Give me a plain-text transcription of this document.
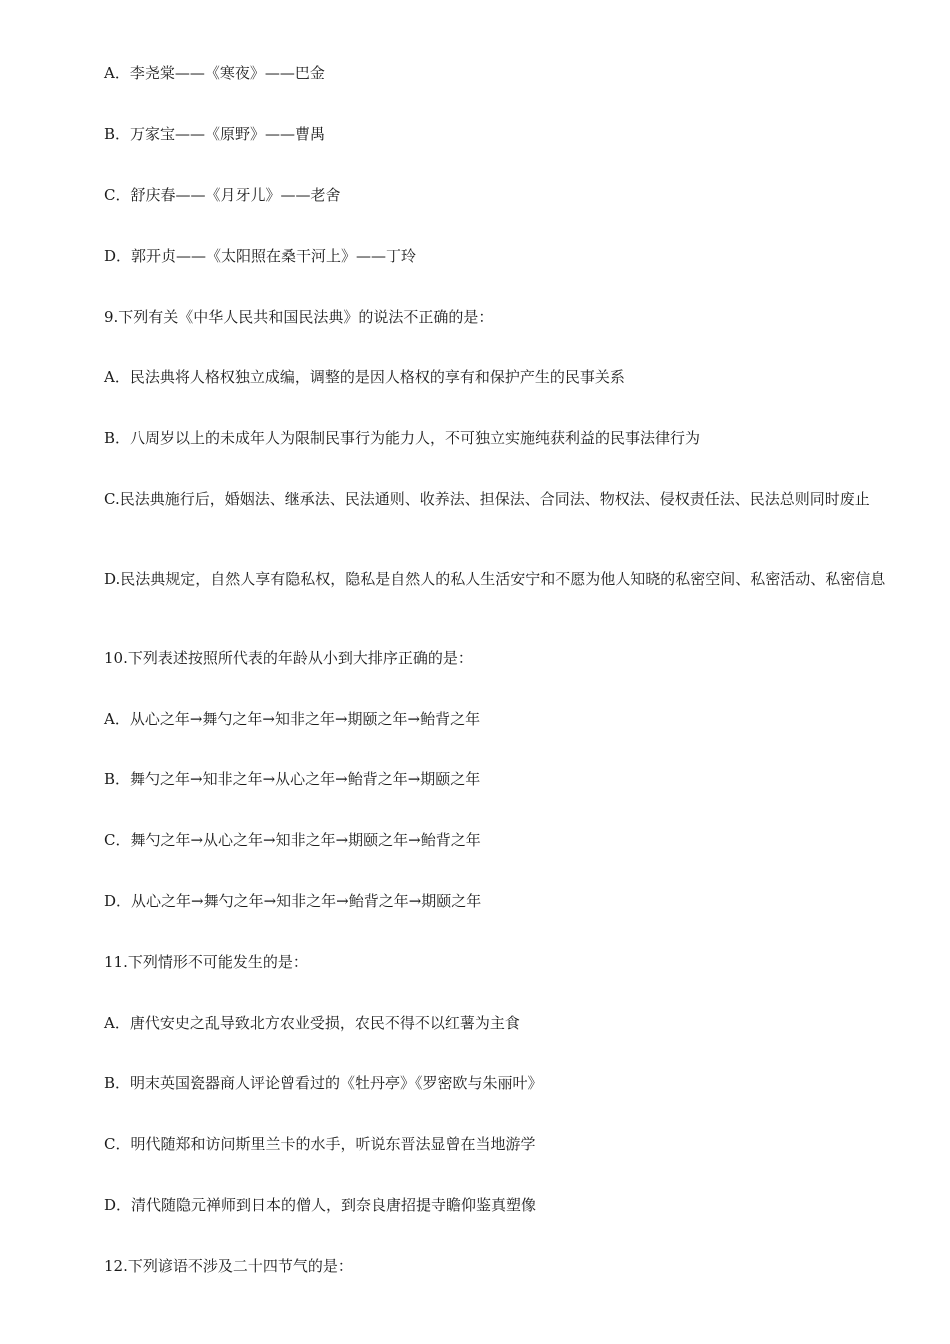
A．李尧棠——《寒夜》——巴金
B．万家宝——《原野》——曹禺
C．舒庆春——《月牙儿》——老舍
D．郭开贞——《太阳照在桑干河上》——丁玲
9.下列有关《中华人民共和国民法典》的说法不正确的是：
A．民法典将人格权独立成编，调整的是因人格权的享有和保护产生的民事关系
B．八周岁以上的未成年人为限制民事行为能力人，不可独立实施纯获利益的民事法律行为
C.民法典施行后，婚姻法、继承法、民法通则、收养法、担保法、合同法、物权法、侵权责任法、民法总则同时废止
D.民法典规定，自然人享有隐私权，隐私是自然人的私人生活安宁和不愿为他人知晓的私密空间、私密活动、私密信息
10.下列表述按照所代表的年龄从小到大排序正确的是：
A．从心之年→舞勺之年→知非之年→期颐之年→鲐背之年
B．舞勺之年→知非之年→从心之年→鲐背之年→期颐之年
C．舞勺之年→从心之年→知非之年→期颐之年→鲐背之年
D．从心之年→舞勺之年→知非之年→鲐背之年→期颐之年
11.下列情形不可能发生的是：
A．唐代安史之乱导致北方农业受损，农民不得不以红薯为主食
B．明末英国瓷器商人评论曾看过的《牡丹亭》《罗密欧与朱丽叶》
C．明代随郑和访问斯里兰卡的水手，听说东晋法显曾在当地游学
D．清代随隐元禅师到日本的僧人，到奈良唐招提寺瞻仰鉴真塑像
12.下列谚语不涉及二十四节气的是：
